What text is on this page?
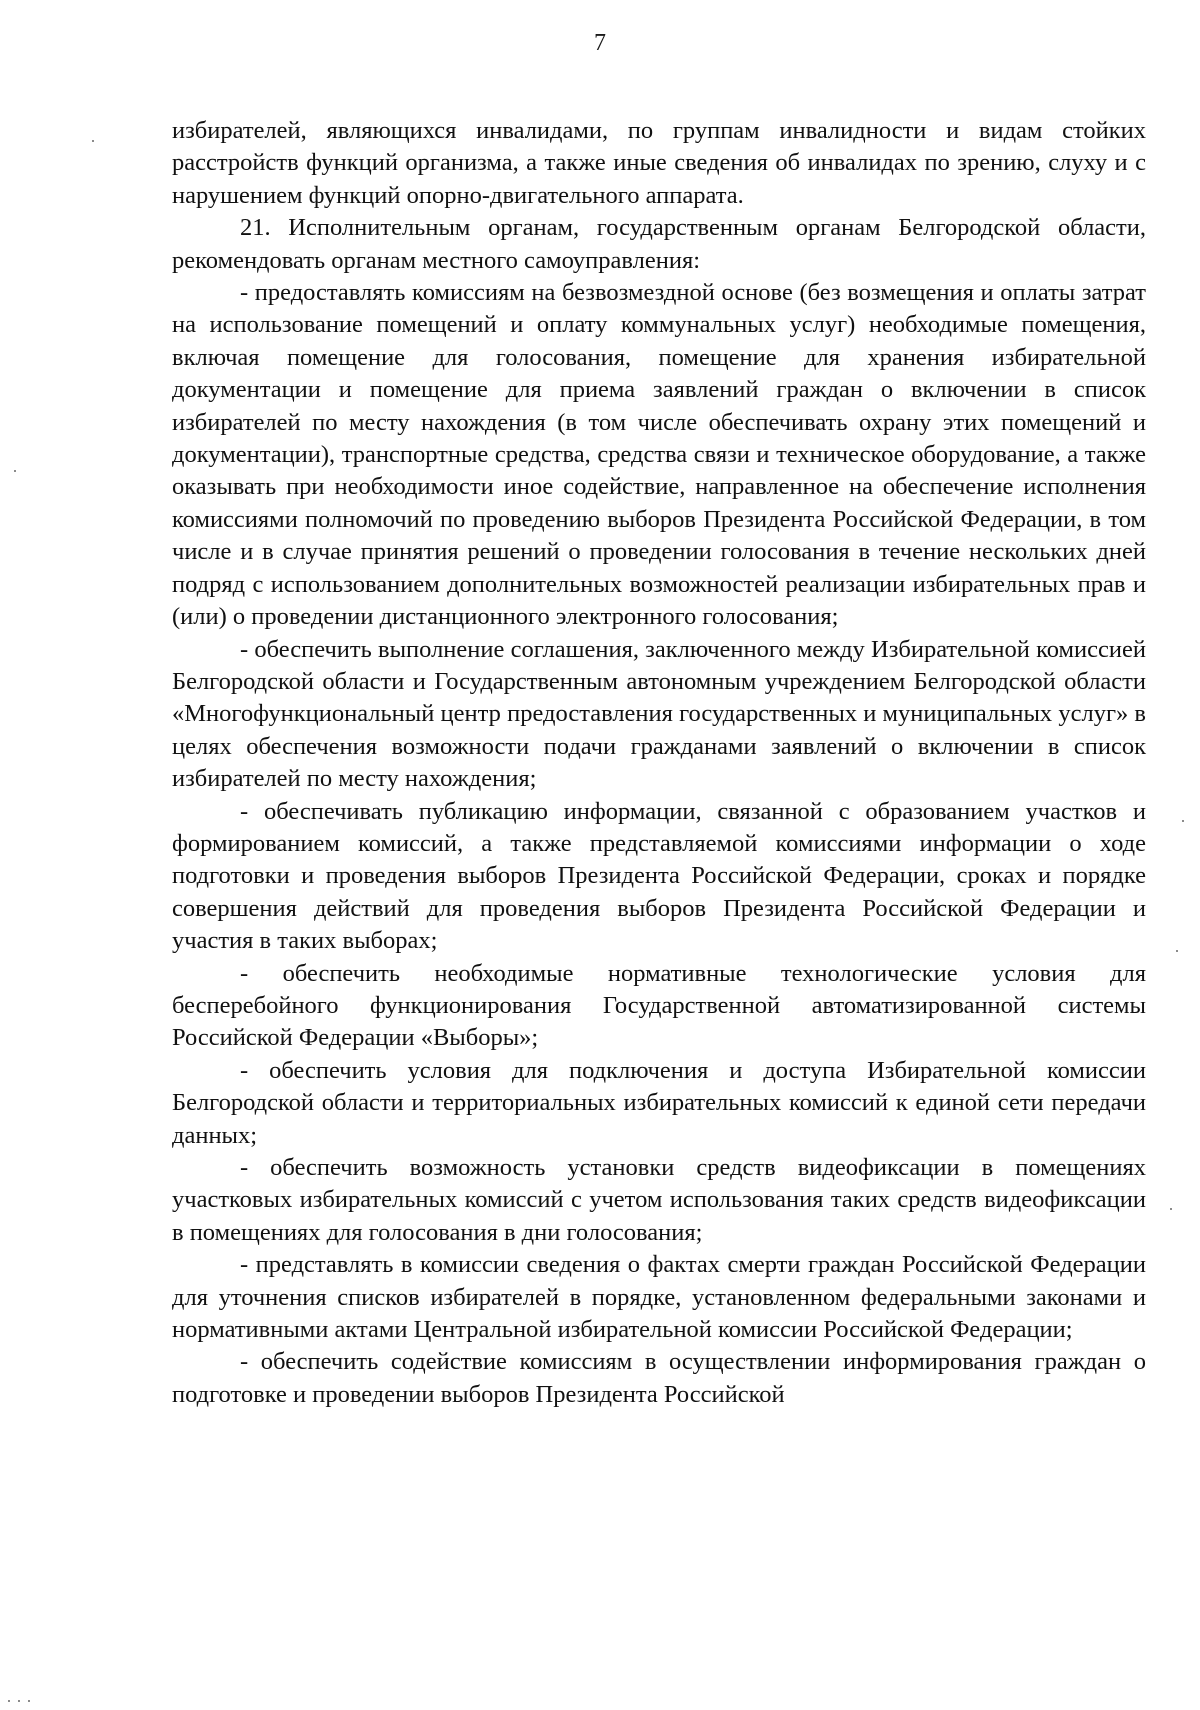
7

избирателей, являющихся инвалидами, по группам инвалидности и видам стойких расстройств функций организма, а также иные сведения об инвалидах по зрению, слуху и с нарушением функций опорно-двигательного аппарата.

21. Исполнительным органам, государственным органам Белгородской области, рекомендовать органам местного самоуправления:

- предоставлять комиссиям на безвозмездной основе (без возмещения и оплаты затрат на использование помещений и оплату коммунальных услуг) необходимые помещения, включая помещение для голосования, помещение для хранения избирательной документации и помещение для приема заявлений граждан о включении в список избирателей по месту нахождения (в том числе обеспечивать охрану этих помещений и документации), транспортные средства, средства связи и техническое оборудование, а также оказывать при необходимости иное содействие, направленное на обеспечение исполнения комиссиями полномочий по проведению выборов Президента Российской Федерации, в том числе и в случае принятия решений о проведении голосования в течение нескольких дней подряд с использованием дополнительных возможностей реализации избирательных прав и (или) о проведении дистанционного электронного голосования;

- обеспечить выполнение соглашения, заключенного между Избирательной комиссией Белгородской области и Государственным автономным учреждением Белгородской области «Многофункциональный центр предоставления государственных и муниципальных услуг» в целях обеспечения возможности подачи гражданами заявлений о включении в список избирателей по месту нахождения;

- обеспечивать публикацию информации, связанной с образованием участков и формированием комиссий, а также представляемой комиссиями информации о ходе подготовки и проведения выборов Президента Российской Федерации, сроках и порядке совершения действий для проведения выборов Президента Российской Федерации и участия в таких выборах;

- обеспечить необходимые нормативные технологические условия для бесперебойного функционирования Государственной автоматизированной системы Российской Федерации «Выборы»;

- обеспечить условия для подключения и доступа Избирательной комиссии Белгородской области и территориальных избирательных комиссий к единой сети передачи данных;

- обеспечить возможность установки средств видеофиксации в помещениях участковых избирательных комиссий с учетом использования таких средств видеофиксации в помещениях для голосования в дни голосования;

- представлять в комиссии сведения о фактах смерти граждан Российской Федерации для уточнения списков избирателей в порядке, установленном федеральными законами и нормативными актами Центральной избирательной комиссии Российской Федерации;

- обеспечить содействие комиссиям в осуществлении информирования граждан о подготовке и проведении выборов Президента Российской
